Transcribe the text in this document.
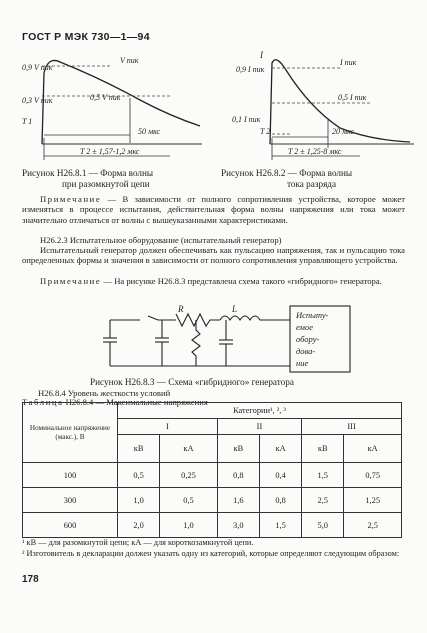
ГОСТ Р МЭК 730—1—94
0,9 V пик
V пик
0,3 V пик	0,5 V пик
T 1
50 мкс
T 2 ± 1,57-1,2 мкс
I
0,9 I пик
I пик
0,5 I пик
0,1 I пик
T 2	20 мкс
T 2 ± 1,25-8 мкс
Рисунок Н26.8.1 — Форма волны
при разомкнутой цепи
Рисунок Н26.8.2 — Форма волны
тока разряда
Примечание — В зависимости от полного сопротивления устройства, которое может изменяться в процессе испытания, действительная форма волны напряжения или тока может значительно отличаться от волны с вышеуказанными характеристиками.
Н26.2.3 Испытательное оборудование (испытательный генератор)
Испытательный генератор должен обеспечивать как пульсацию напряжения, так и пульсацию тока определенных формы и значения в зависимости от полного сопротивления управляющего устройства.
Примечание — На рисунке Н26.8.3 представлена схема такого «гибридного» генератора.
R	L
Испыту-
емое
обору-
дова-
ние
Рисунок Н26.8.3 — Схема «гибридного» генератора
Н26.8.4 Уровень жесткости условий
Таблица Н26.8.4 — Максимальные напряжения
Номинальное напряжение (макс.), В	Категории¹, ², ³					
	I		II		III	
	кВ	кА	кВ	кА	кВ	кА
100	0,5	0,25	0,8	0,4	1,5	0,75
300	1,0	0,5	1,6	0,8	2,5	1,25
600	2,0	1,0	3,0	1,5	5,0	2,5
¹ кВ — для разомкнутой цепи; кА — для короткозамкнутой цепи.
² Изготовитель в декларации должен указать одну из категорий, которые определяют следующим образом:
178
